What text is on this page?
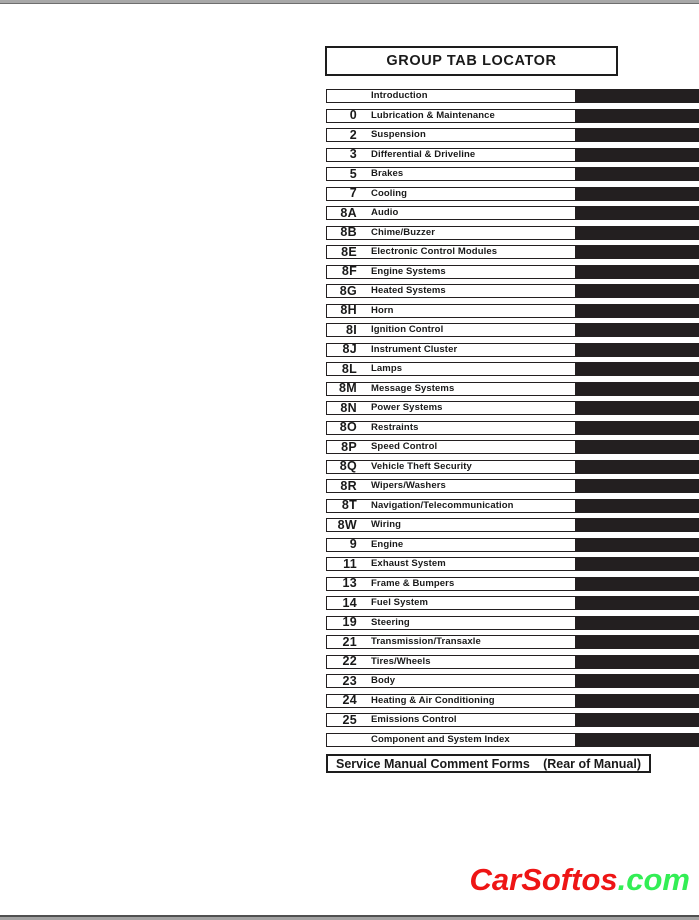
GROUP TAB LOCATOR
Introduction
0 Lubrication & Maintenance
2 Suspension
3 Differential & Driveline
5 Brakes
7 Cooling
8A Audio
8B Chime/Buzzer
8E Electronic Control Modules
8F Engine Systems
8G Heated Systems
8H Horn
8I Ignition Control
8J Instrument Cluster
8L Lamps
8M Message Systems
8N Power Systems
8O Restraints
8P Speed Control
8Q Vehicle Theft Security
8R Wipers/Washers
8T Navigation/Telecommunication
8W Wiring
9 Engine
11 Exhaust System
13 Frame & Bumpers
14 Fuel System
19 Steering
21 Transmission/Transaxle
22 Tires/Wheels
23 Body
24 Heating & Air Conditioning
25 Emissions Control
Component and System Index
Service Manual Comment Forms (Rear of Manual)
CarSoftos.com
